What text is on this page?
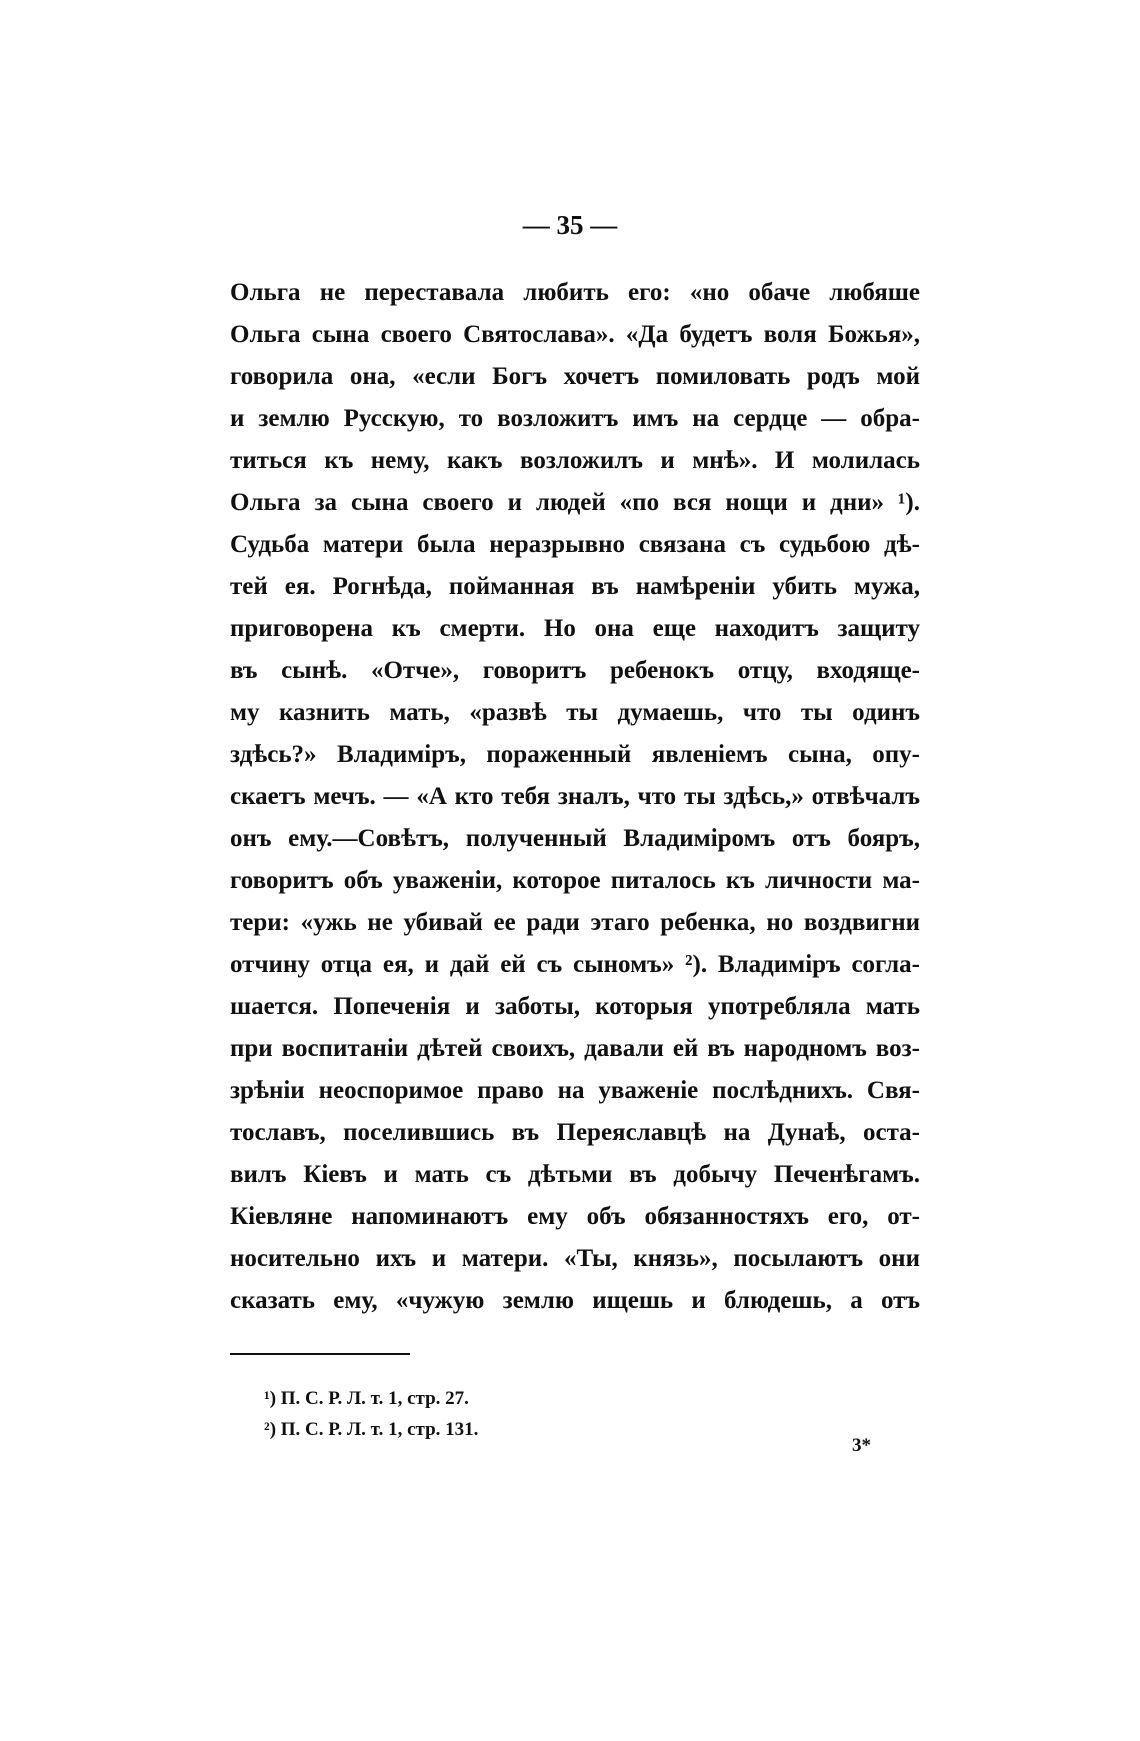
— 35 —
Ольга не переставала любить его: «но обаче любяше
Ольга сына своего Святослава». «Да будетъ воля Божья»,
говорила она, «если Богъ хочетъ помиловать родъ мой
и землю Русскую, то возложитъ имъ на сердце — обра-
титься къ нему, какъ возложилъ и мнѣ». И молилась
Ольга за сына своего и людей «по вся нощи и дни» ¹).
Судьба матери была неразрывно связана съ судьбою дѣ-
тей ея. Рогнѣда, пойманная въ намѣреніи убить мужа,
приговорена къ смерти. Но она еще находитъ защиту
въ сынѣ. «Отче», говоритъ ребенокъ отцу, входяще-
му казнить мать, «развѣ ты думаешь, что ты одинъ
здѣсь?» Владиміръ, пораженный явленіемъ сына, опу-
скаетъ мечъ. — «А кто тебя зналъ, что ты здѣсь,» отвѣчалъ
онъ ему.—Совѣтъ, полученный Владиміромъ отъ бояръ,
говоритъ объ уваженіи, которое питалось къ личности ма-
тери: «ужь не убивай ее ради этаго ребенка, но воздвигни
отчину отца ея, и дай ей съ сыномъ» ²). Владиміръ согла-
шается. Попеченія и заботы, которыя употребляла мать
при воспитаніи дѣтей своихъ, давали ей въ народномъ воз-
зрѣніи неоспоримое право на уваженіе послѣднихъ. Свя-
тославъ, поселившись въ Переяславцѣ на Дунаѣ, оста-
вилъ Кіевъ и мать съ дѣтьми въ добычу Печенѣгамъ.
Кіевляне напоминаютъ ему объ обязанностяхъ его, от-
носительно ихъ и матери. «Ты, князь», посылаютъ они
сказать ему, «чужую землю ищешь и блюдешь, а отъ
¹) П. С. Р. Л. т. 1, стр. 27.
²) П. С. Р. Л. т. 1, стр. 131.
3*
